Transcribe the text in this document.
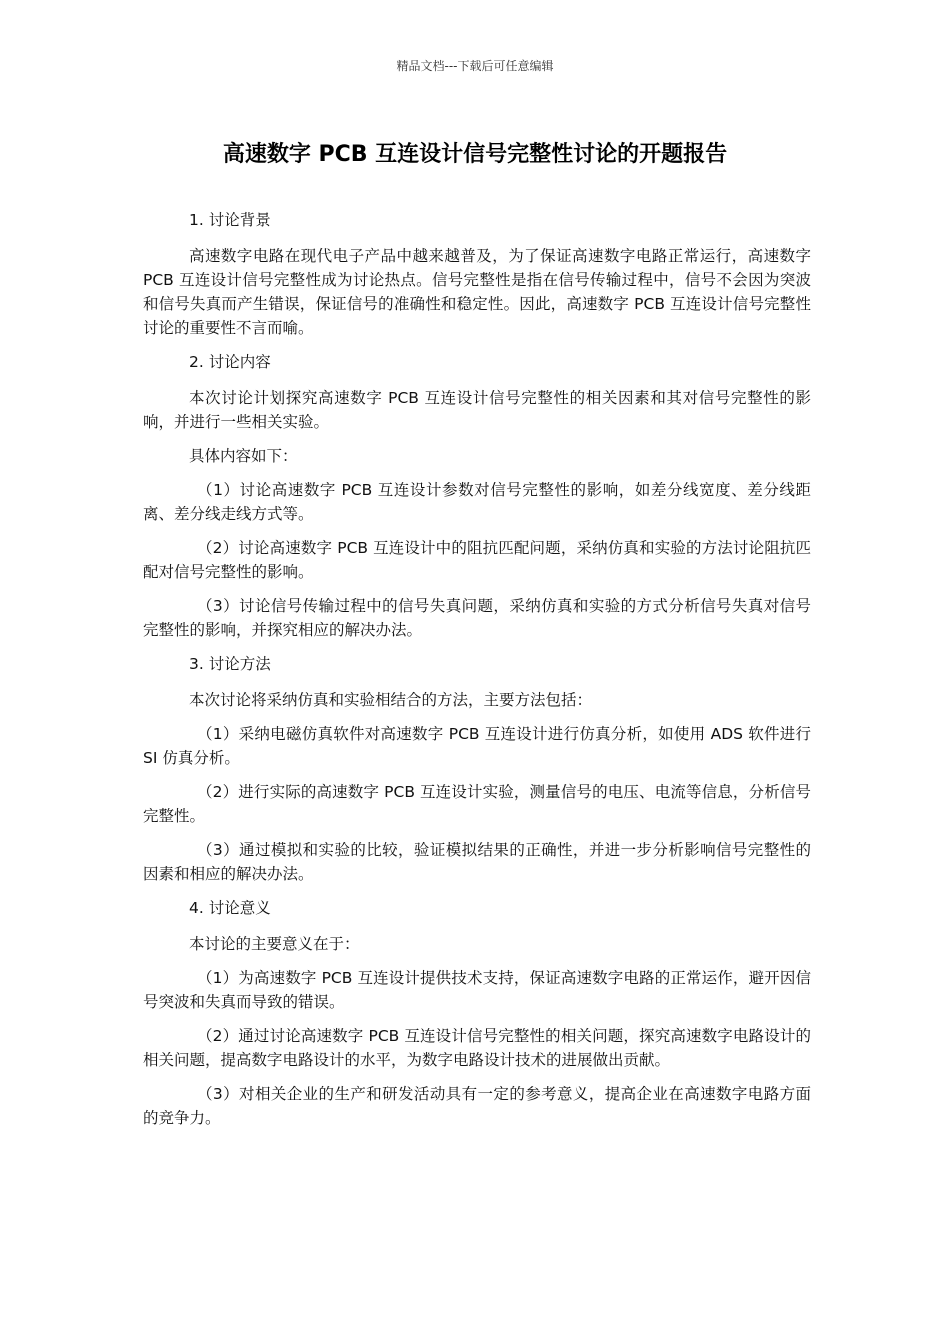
精品文档---下载后可任意编辑
高速数字 PCB 互连设计信号完整性讨论的开题报告

1. 讨论背景

高速数字电路在现代电子产品中越来越普及，为了保证高速数字电路正常运行，高速数字 PCB 互连设计信号完整性成为讨论热点。信号完整性是指在信号传输过程中，信号不会因为突波和信号失真而产生错误，保证信号的准确性和稳定性。因此，高速数字 PCB 互连设计信号完整性讨论的重要性不言而喻。

2. 讨论内容

本次讨论计划探究高速数字 PCB 互连设计信号完整性的相关因素和其对信号完整性的影响，并进行一些相关实验。

具体内容如下：

（1）讨论高速数字 PCB 互连设计参数对信号完整性的影响，如差分线宽度、差分线距离、差分线走线方式等。

（2）讨论高速数字 PCB 互连设计中的阻抗匹配问题，采纳仿真和实验的方法讨论阻抗匹配对信号完整性的影响。

（3）讨论信号传输过程中的信号失真问题，采纳仿真和实验的方式分析信号失真对信号完整性的影响，并探究相应的解决办法。

3. 讨论方法

本次讨论将采纳仿真和实验相结合的方法，主要方法包括：

（1）采纳电磁仿真软件对高速数字 PCB 互连设计进行仿真分析，如使用 ADS 软件进行 SI 仿真分析。

（2）进行实际的高速数字 PCB 互连设计实验，测量信号的电压、电流等信息，分析信号完整性。

（3）通过模拟和实验的比较，验证模拟结果的正确性，并进一步分析影响信号完整性的因素和相应的解决办法。

4. 讨论意义

本讨论的主要意义在于：

（1）为高速数字 PCB 互连设计提供技术支持，保证高速数字电路的正常运作，避开因信号突波和失真而导致的错误。

（2）通过讨论高速数字 PCB 互连设计信号完整性的相关问题，探究高速数字电路设计的相关问题，提高数字电路设计的水平，为数字电路设计技术的进展做出贡献。

（3）对相关企业的生产和研发活动具有一定的参考意义，提高企业在高速数字电路方面的竞争力。
